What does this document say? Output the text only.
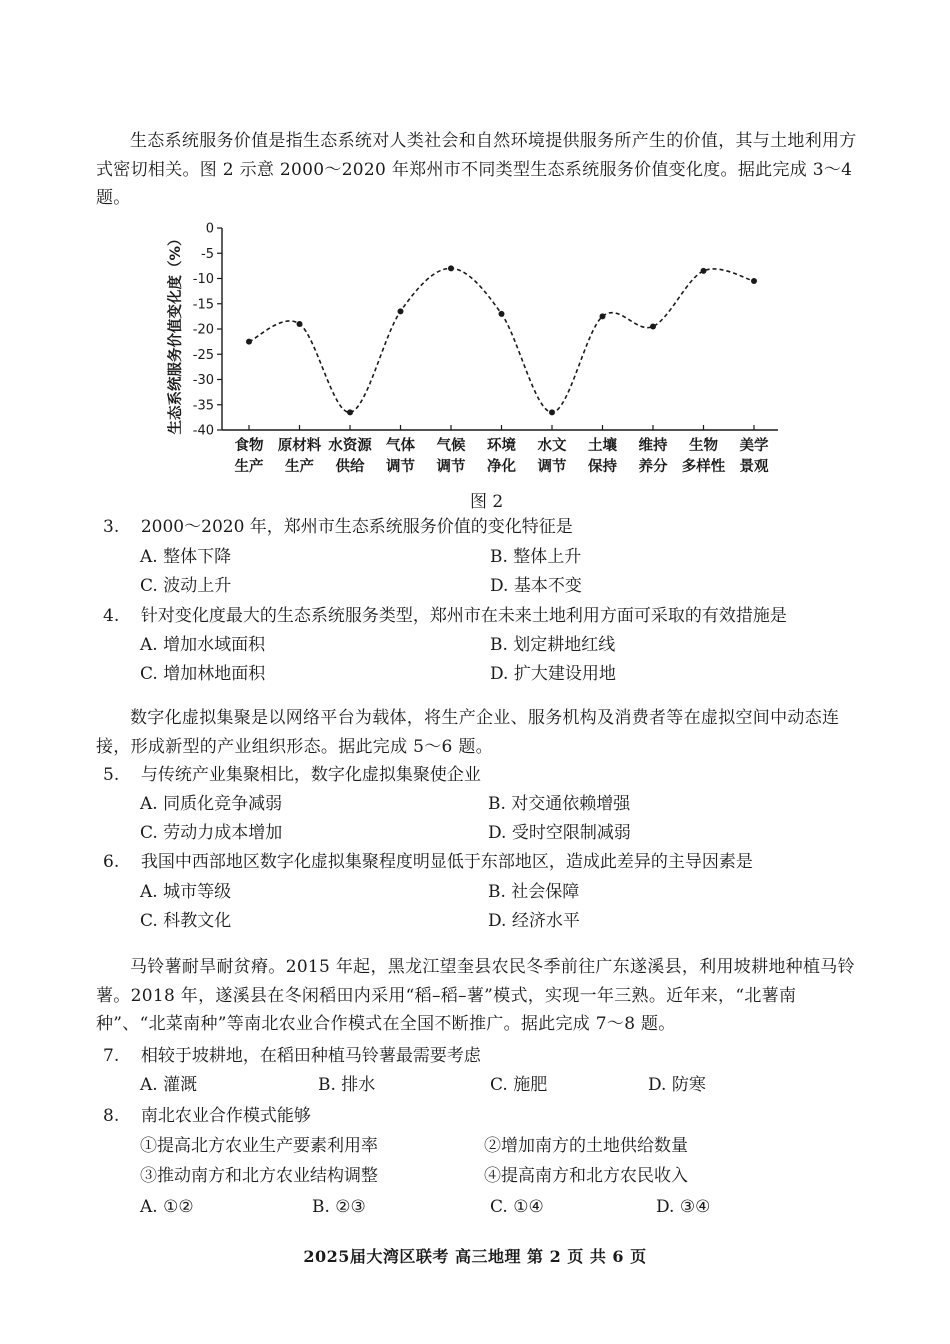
生态系统服务价值是指生态系统对人类社会和自然环境提供服务所产生的价值，其与土地利用方式密切相关。图 2 示意 2000～2020 年郑州市不同类型生态系统服务价值变化度。据此完成 3～4 题。

生态系统服务价值变化度（%）
0
-5
-10
-15
-20
-25
-30
-35
-40
食物
生产
原材料
生产
水资源
供给
气体
调节
气候
调节
环境
净化
水文
调节
土壤
保持
维持
养分
生物
多样性
美学
景观
图 2

3. 2000～2020 年，郑州市生态系统服务价值的变化特征是

A. 整体下降	B. 整体上升

C. 波动上升	D. 基本不变

4. 针对变化度最大的生态系统服务类型，郑州市在未来土地利用方面可采取的有效措施是

A. 增加水域面积	B. 划定耕地红线

C. 增加林地面积	D. 扩大建设用地

数字化虚拟集聚是以网络平台为载体，将生产企业、服务机构及消费者等在虚拟空间中动态连接，形成新型的产业组织形态。据此完成 5～6 题。

5. 与传统产业集聚相比，数字化虚拟集聚使企业

A. 同质化竞争减弱	B. 对交通依赖增强

C. 劳动力成本增加	D. 受时空限制减弱

6. 我国中西部地区数字化虚拟集聚程度明显低于东部地区，造成此差异的主导因素是

A. 城市等级	B. 社会保障

C. 科教文化	D. 经济水平

马铃薯耐旱耐贫瘠。2015 年起，黑龙江望奎县农民冬季前往广东遂溪县，利用坡耕地种植马铃薯。2018 年，遂溪县在冬闲稻田内采用“稻–稻–薯”模式，实现一年三熟。近年来，“北薯南种”、“北菜南种”等南北农业合作模式在全国不断推广。据此完成 7～8 题。

7. 相较于坡耕地，在稻田种植马铃薯最需要考虑

A. 灌溉	B. 排水	C. 施肥	D. 防寒

8. 南北农业合作模式能够

①提高北方农业生产要素利用率	②增加南方的土地供给数量

③推动南方和北方农业结构调整	④提高南方和北方农民收入

A. ①②	B. ②③	C. ①④	D. ③④

2025届大湾区联考 高三地理 第 2 页 共 6 页
